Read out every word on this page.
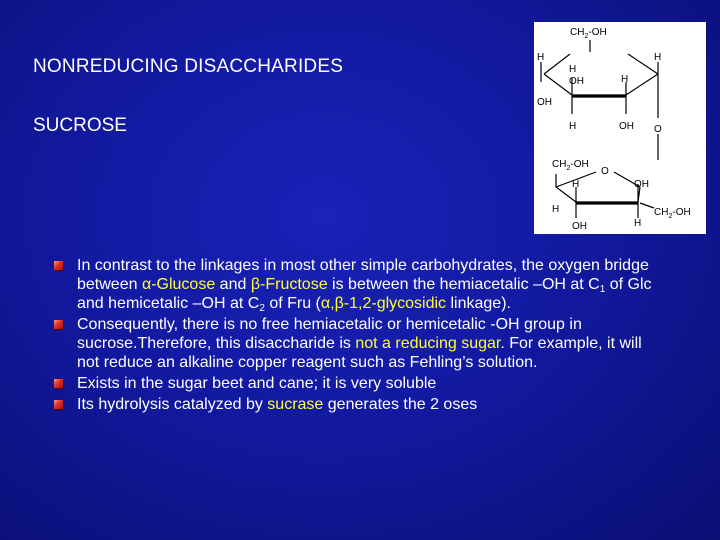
NONREDUCING DISACCHARIDES
SUCROSE
$CH_2-OH$
H	H
H
OH	H
OH
H	OH O
$CH_2-OH$
O
H	OH
H	$CH_2-OH$
OH	H
In contrast to the linkages in most other simple carbohydrates, the oxygen bridge between α-Glucose and β-Fructose is between the hemiacetalic –OH at $C_1$ of Glc and hemicetalic –OH at $C_2$ of Fru (α,β-1,2-glycosidic linkage).
Consequently, there is no free hemiacetalic or hemicetalic -OH group in sucrose.Therefore, this disaccharide is not a reducing sugar. For example, it will not reduce an alkaline copper reagent such as Fehling’s solution.
Exists in the sugar beet and cane; it is very soluble
Its hydrolysis catalyzed by sucrase generates the 2 oses
